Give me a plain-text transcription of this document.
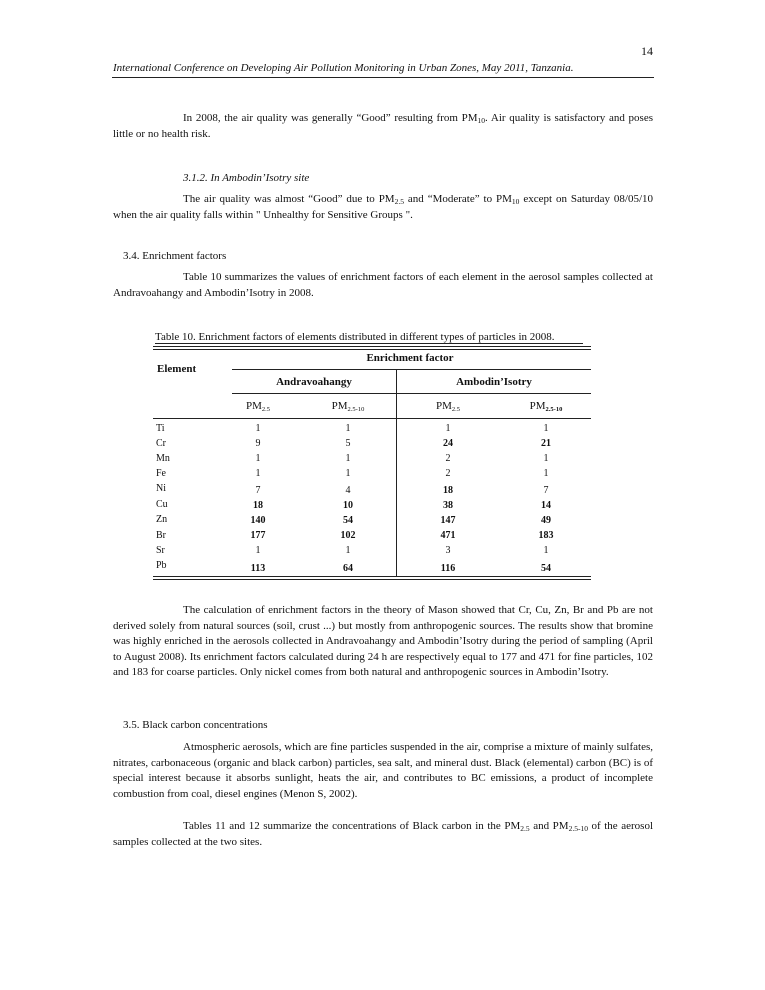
14
International Conference on Developing Air Pollution Monitoring in Urban Zones, May 2011, Tanzania.
In 2008, the air quality was generally “Good” resulting from $PM_{10}$. Air quality is satisfactory and poses little or no health risk.
3.1.2. In Ambodin’Isotry site
The air quality was almost “Good” due to $PM_{2.5}$ and “Moderate” to $PM_{10}$ except on Saturday 08/05/10 when the air quality falls within " Unhealthy for Sensitive Groups ".
3.4. Enrichment factors
Table 10 summarizes the values of enrichment factors of each element in the aerosol samples collected at Andravoahangy and Ambodin’Isotry in 2008.
Table 10. Enrichment factors of elements distributed in different types of particles in 2008.
Element
Enrichment factor
Andravoahangy	Ambodin’Isotry
PM2.5	PM2.5-10	PM2.5	PM2.5-10
Ti	1	1	1	1
Cr	9	5	24	21
Mn	1	1	2	1
Fe	1	1	2	1
Ni	7	4	18	7
Cu	18	10	38	14
Zn	140	54	147	49
Br	177	102	471	183
Sr	1	1	3	1
Pb	113	64	116	54
The calculation of enrichment factors in the theory of Mason showed that Cr, Cu, Zn, Br and Pb are not derived solely from natural sources (soil, crust ...) but mostly from anthropogenic sources. The results show that bromine was highly enriched in the aerosols collected in Andravoahangy and Ambodin’Isotry during the period of sampling (April to August 2008). Its enrichment factors calculated during 24 h are respectively equal to 177 and 471 for fine particles, 102 and 183 for coarse particles. Only nickel comes from both natural and anthropogenic sources in Ambodin’Isotry.
3.5. Black carbon concentrations
Atmospheric aerosols, which are fine particles suspended in the air, comprise a mixture of mainly sulfates, nitrates, carbonaceous (organic and black carbon) particles, sea salt, and mineral dust. Black (elemental) carbon (BC) is of special interest because it absorbs sunlight, heats the air, and contributes to BC emissions, a product of incomplete combustion from coal, diesel engines (Menon S, 2002).
Tables 11 and 12 summarize the concentrations of Black carbon in the $PM_{2.5}$ and $PM_{2.5-10}$ of the aerosol samples collected at the two sites.
